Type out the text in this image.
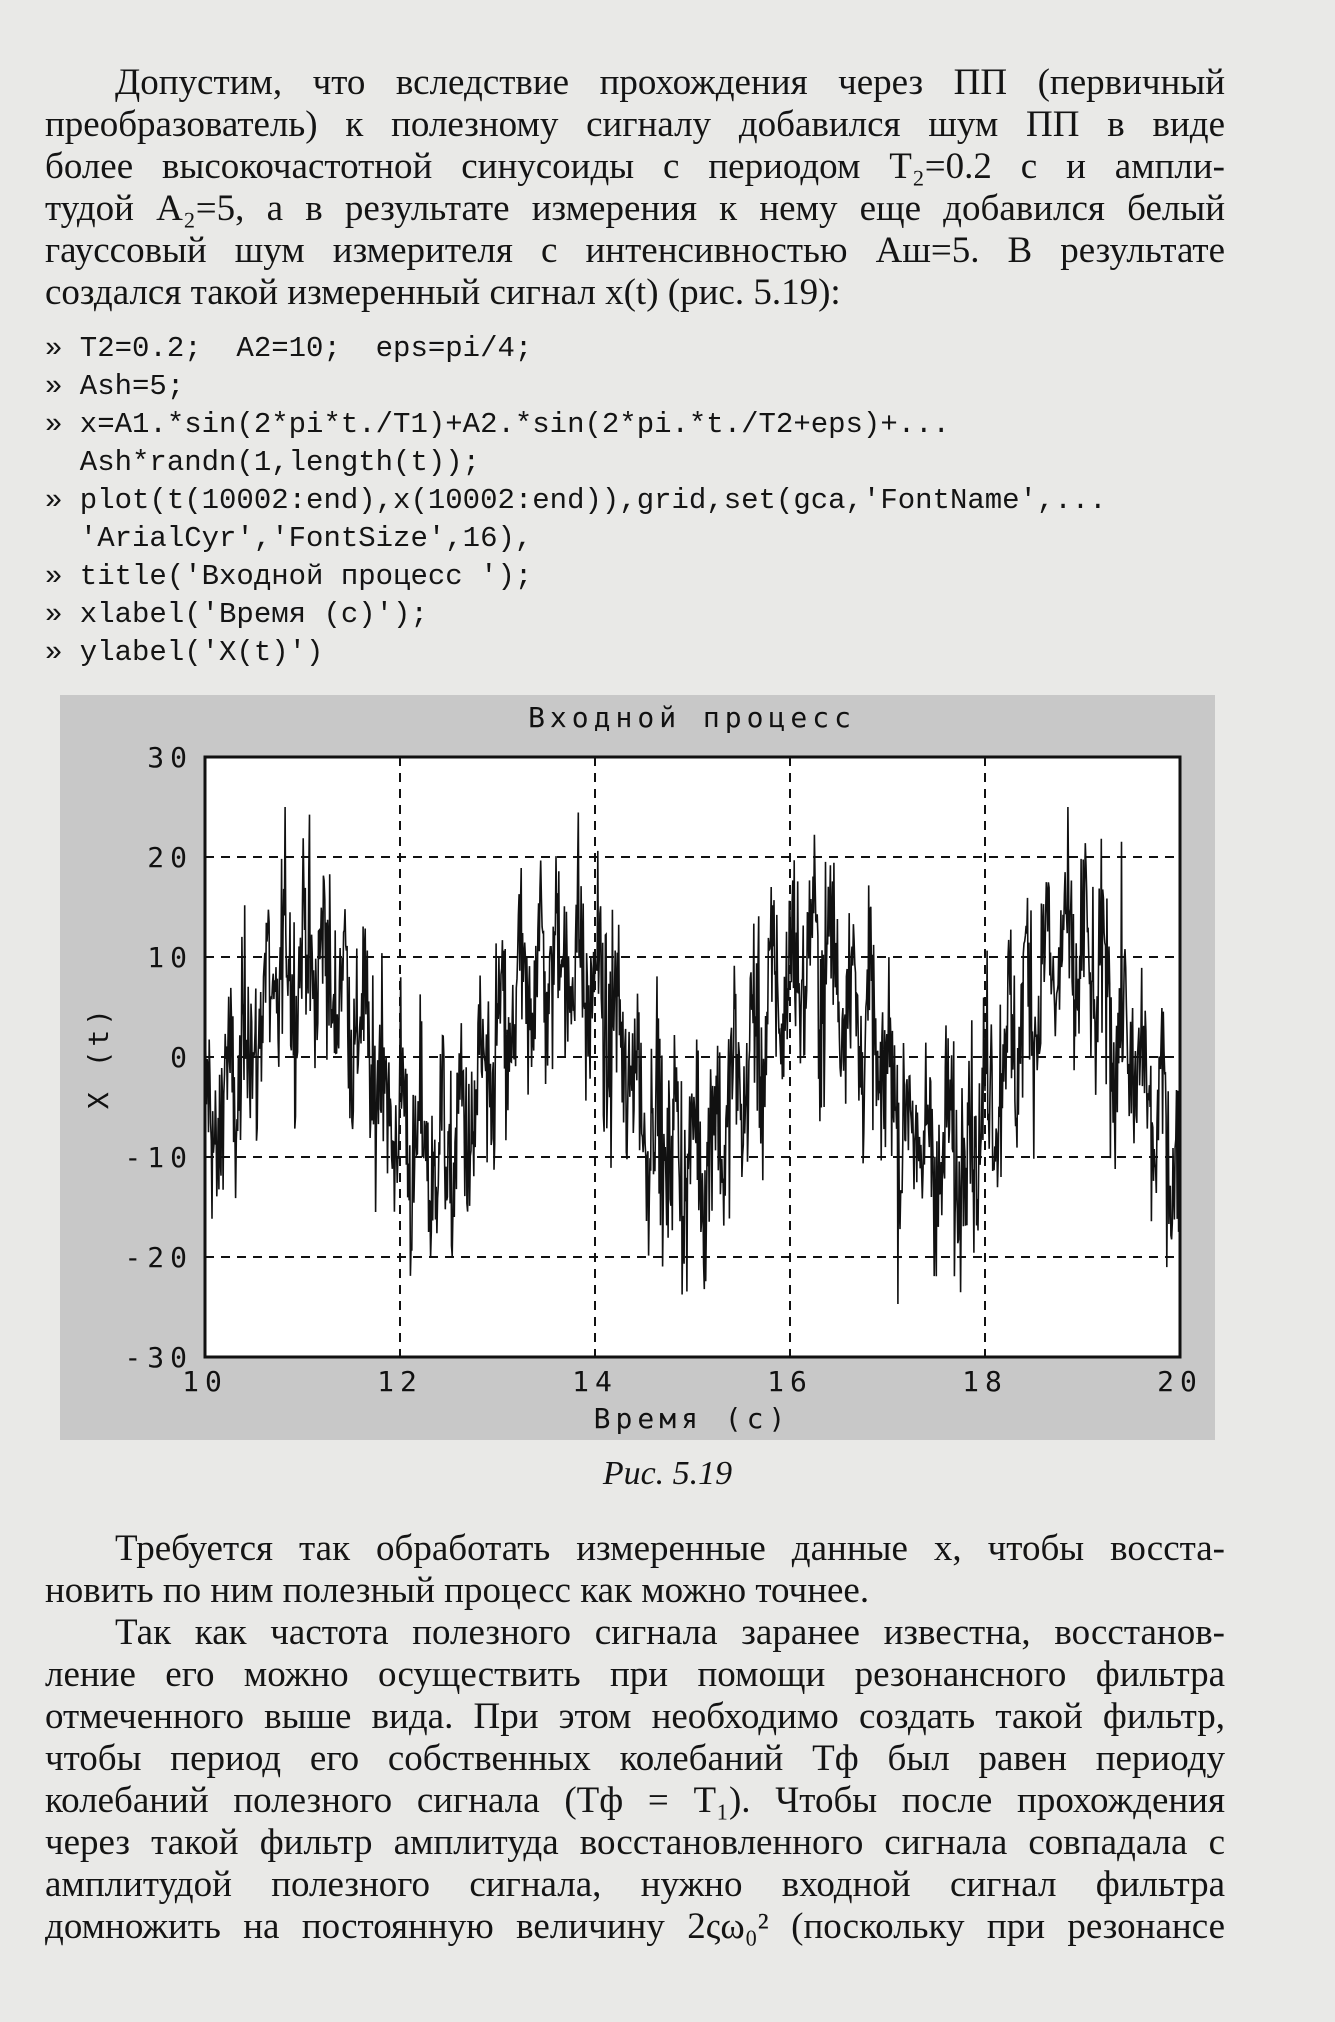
Допустим, что вследствие прохождения через ПП (первичный
преобразователь) к полезному сигналу добавился шум ПП в виде
более высокочастотной синусоиды с периодом T₂=0.2 с и ампли-
тудой A₂=5, а в результате измерения к нему еще добавился белый
гауссовый шум измерителя с интенсивностью Aш=5. В результате
создался такой измеренный сигнал x(t) (рис. 5.19):
» T2=0.2;  A2=10;  eps=pi/4;
» Ash=5;
» x=A1.*sin(2*pi*t./T1)+A2.*sin(2*pi.*t./T2+eps)+...
Ash*randn(1,length(t));
» plot(t(10002:end),x(10002:end)),grid,set(gca,'FontName',...
'ArialCyr','FontSize',16),
» title('Входной процесс ');
» xlabel('Время (c)');
» ylabel('X(t)')
10	12	14	16	18	20
30
20
10
0
-10
-20
-30
Входной процесс
Время (с)
X (t)
Рис. 5.19
Требуется так обработать измеренные данные x, чтобы восста-
новить по ним полезный процесс как можно точнее.
Так как частота полезного сигнала заранее известна, восстанов-
ление его можно осуществить при помощи резонансного фильтра
отмеченного выше вида. При этом необходимо создать такой фильтр,
чтобы период его собственных колебаний Tф был равен периоду
колебаний полезного сигнала (Tф = T₁). Чтобы после прохождения
через такой фильтр амплитуда восстановленного сигнала совпадала с
амплитудой полезного сигнала, нужно входной сигнал фильтра
домножить на постоянную величину 2ςω₀² (поскольку при резонансе
